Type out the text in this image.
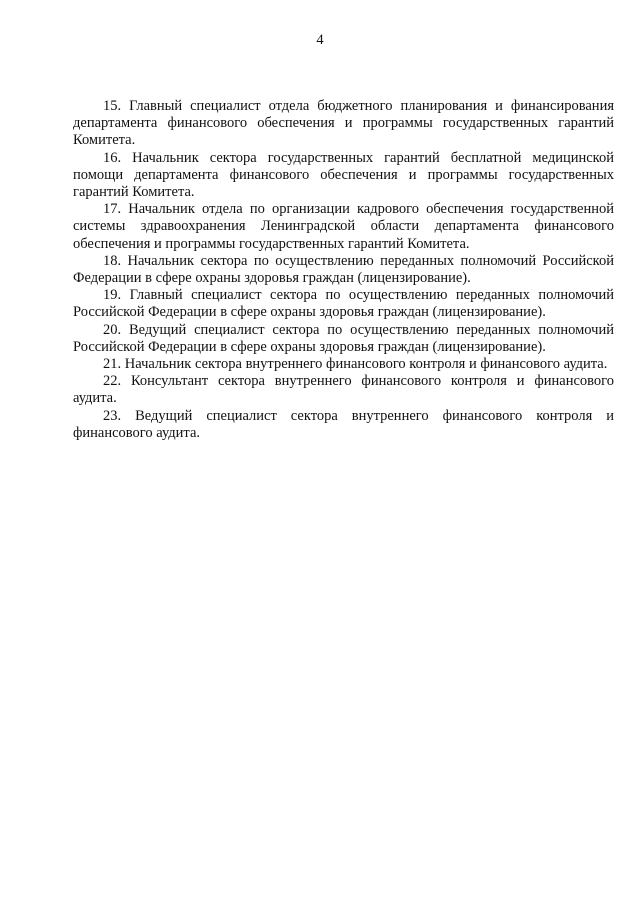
4

15. Главный специалист отдела бюджетного планирования и финансирования департамента финансового обеспечения и программы государственных гарантий Комитета.

16. Начальник сектора государственных гарантий бесплатной медицинской помощи департамента финансового обеспечения и программы государственных гарантий Комитета.

17. Начальник отдела по организации кадрового обеспечения государственной системы здравоохранения Ленинградской области департамента финансового обеспечения и программы государственных гарантий Комитета.

18. Начальник сектора по осуществлению переданных полномочий Российской Федерации в сфере охраны здоровья граждан (лицензирование).

19. Главный специалист сектора по осуществлению переданных полномочий Российской Федерации в сфере охраны здоровья граждан (лицензирование).

20. Ведущий специалист сектора по осуществлению переданных полномочий Российской Федерации в сфере охраны здоровья граждан (лицензирование).

21. Начальник сектора внутреннего финансового контроля и финансового аудита.

22. Консультант сектора внутреннего финансового контроля и финансового аудита.

23. Ведущий специалист сектора внутреннего финансового контроля и финансового аудита.
